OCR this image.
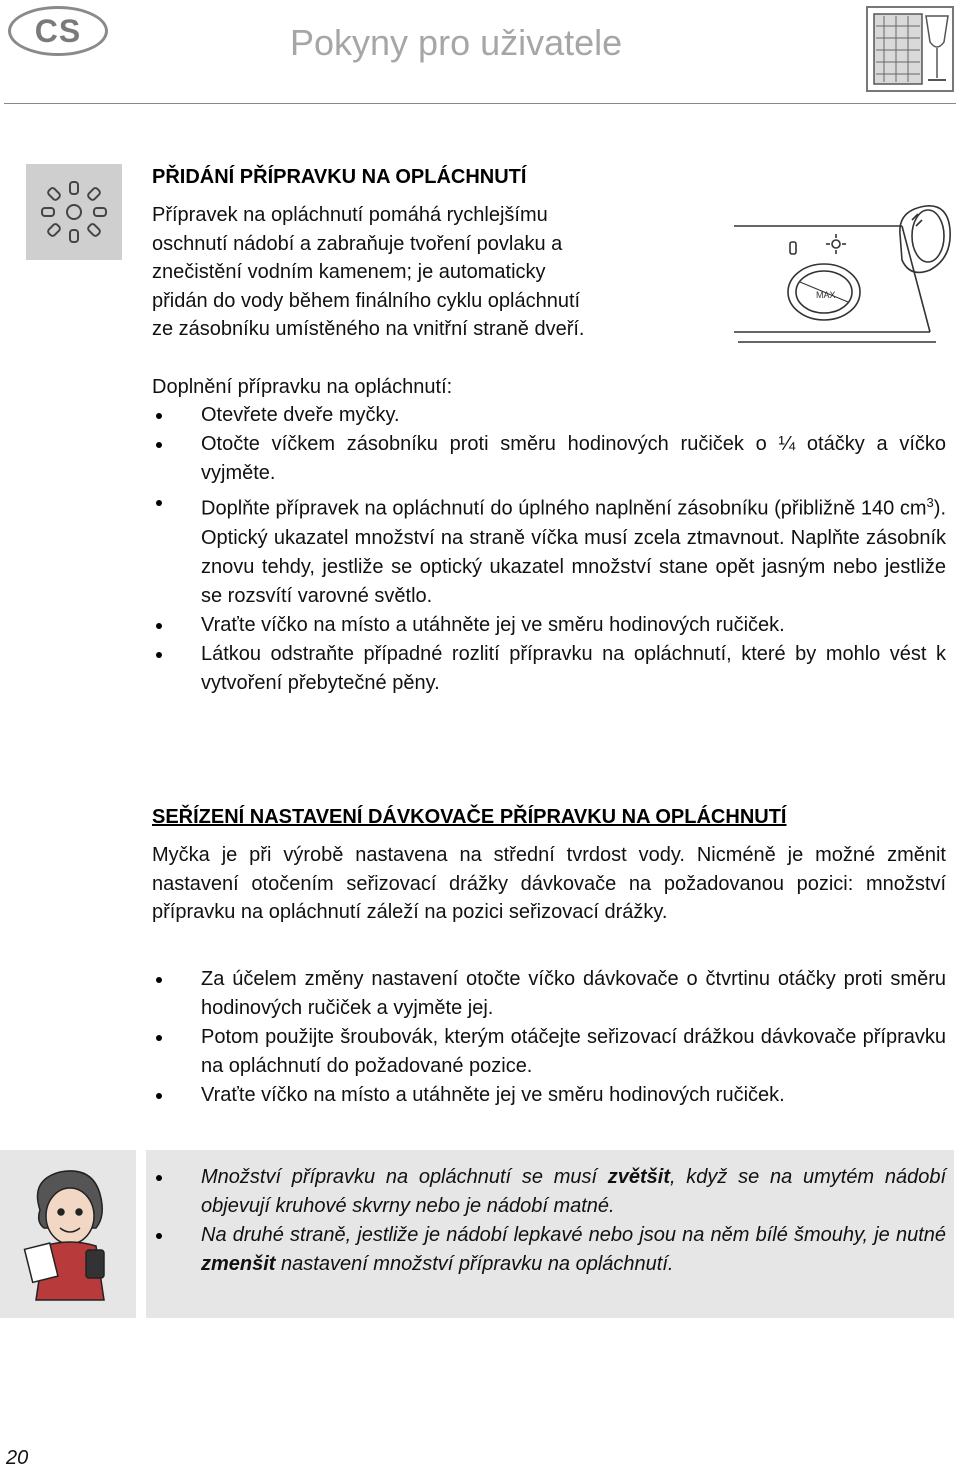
CS	Pokyny pro uživatele
PŘIDÁNÍ PŘÍPRAVKU NA OPLÁCHNUTÍ
Přípravek na opláchnutí pomáhá rychlejšímu
oschnutí nádobí a zabraňuje tvoření povlaku a
znečistění vodním kamenem; je automaticky
přidán do vody během finálního cyklu opláchnutí
ze zásobníku umístěného na vnitřní straně dveří.
MAX
Doplnění přípravku na opláchnutí:
Otevřete dveře myčky.
Otočte víčkem zásobníku proti směru hodinových ručiček o ¼ otáčky a víčko vyjměte.
Doplňte přípravek na opláchnutí do úplného naplnění zásobníku (přibližně 140 $cm^3$). Optický ukazatel množství na straně víčka musí zcela ztmavnout. Naplňte zásobník znovu tehdy, jestliže se optický ukazatel množství stane opět jasným nebo jestliže se rozsvítí varovné světlo.
Vraťte víčko na místo a utáhněte jej ve směru hodinových ručiček.
Látkou odstraňte případné rozlití přípravku na opláchnutí, které by mohlo vést k vytvoření přebytečné pěny.
SEŘÍZENÍ NASTAVENÍ DÁVKOVAČE PŘÍPRAVKU NA OPLÁCHNUTÍ
Myčka je při výrobě nastavena na střední tvrdost vody. Nicméně je možné změnit nastavení otočením seřizovací drážky dávkovače na požadovanou pozici: množství přípravku na opláchnutí záleží na pozici seřizovací drážky.
Za účelem změny nastavení otočte víčko dávkovače o čtvrtinu otáčky proti směru hodinových ručiček a vyjměte jej.
Potom použijte šroubovák, kterým otáčejte seřizovací drážkou dávkovače přípravku na opláchnutí do požadované pozice.
Vraťte víčko na místo a utáhněte jej ve směru hodinových ručiček.
Množství přípravku na opláchnutí se musí zvětšit, když se na umytém nádobí objevují kruhové skvrny nebo je nádobí matné.
Na druhé straně, jestliže je nádobí lepkavé nebo jsou na něm bílé šmouhy, je nutné zmenšit nastavení množství přípravku na opláchnutí.
20
